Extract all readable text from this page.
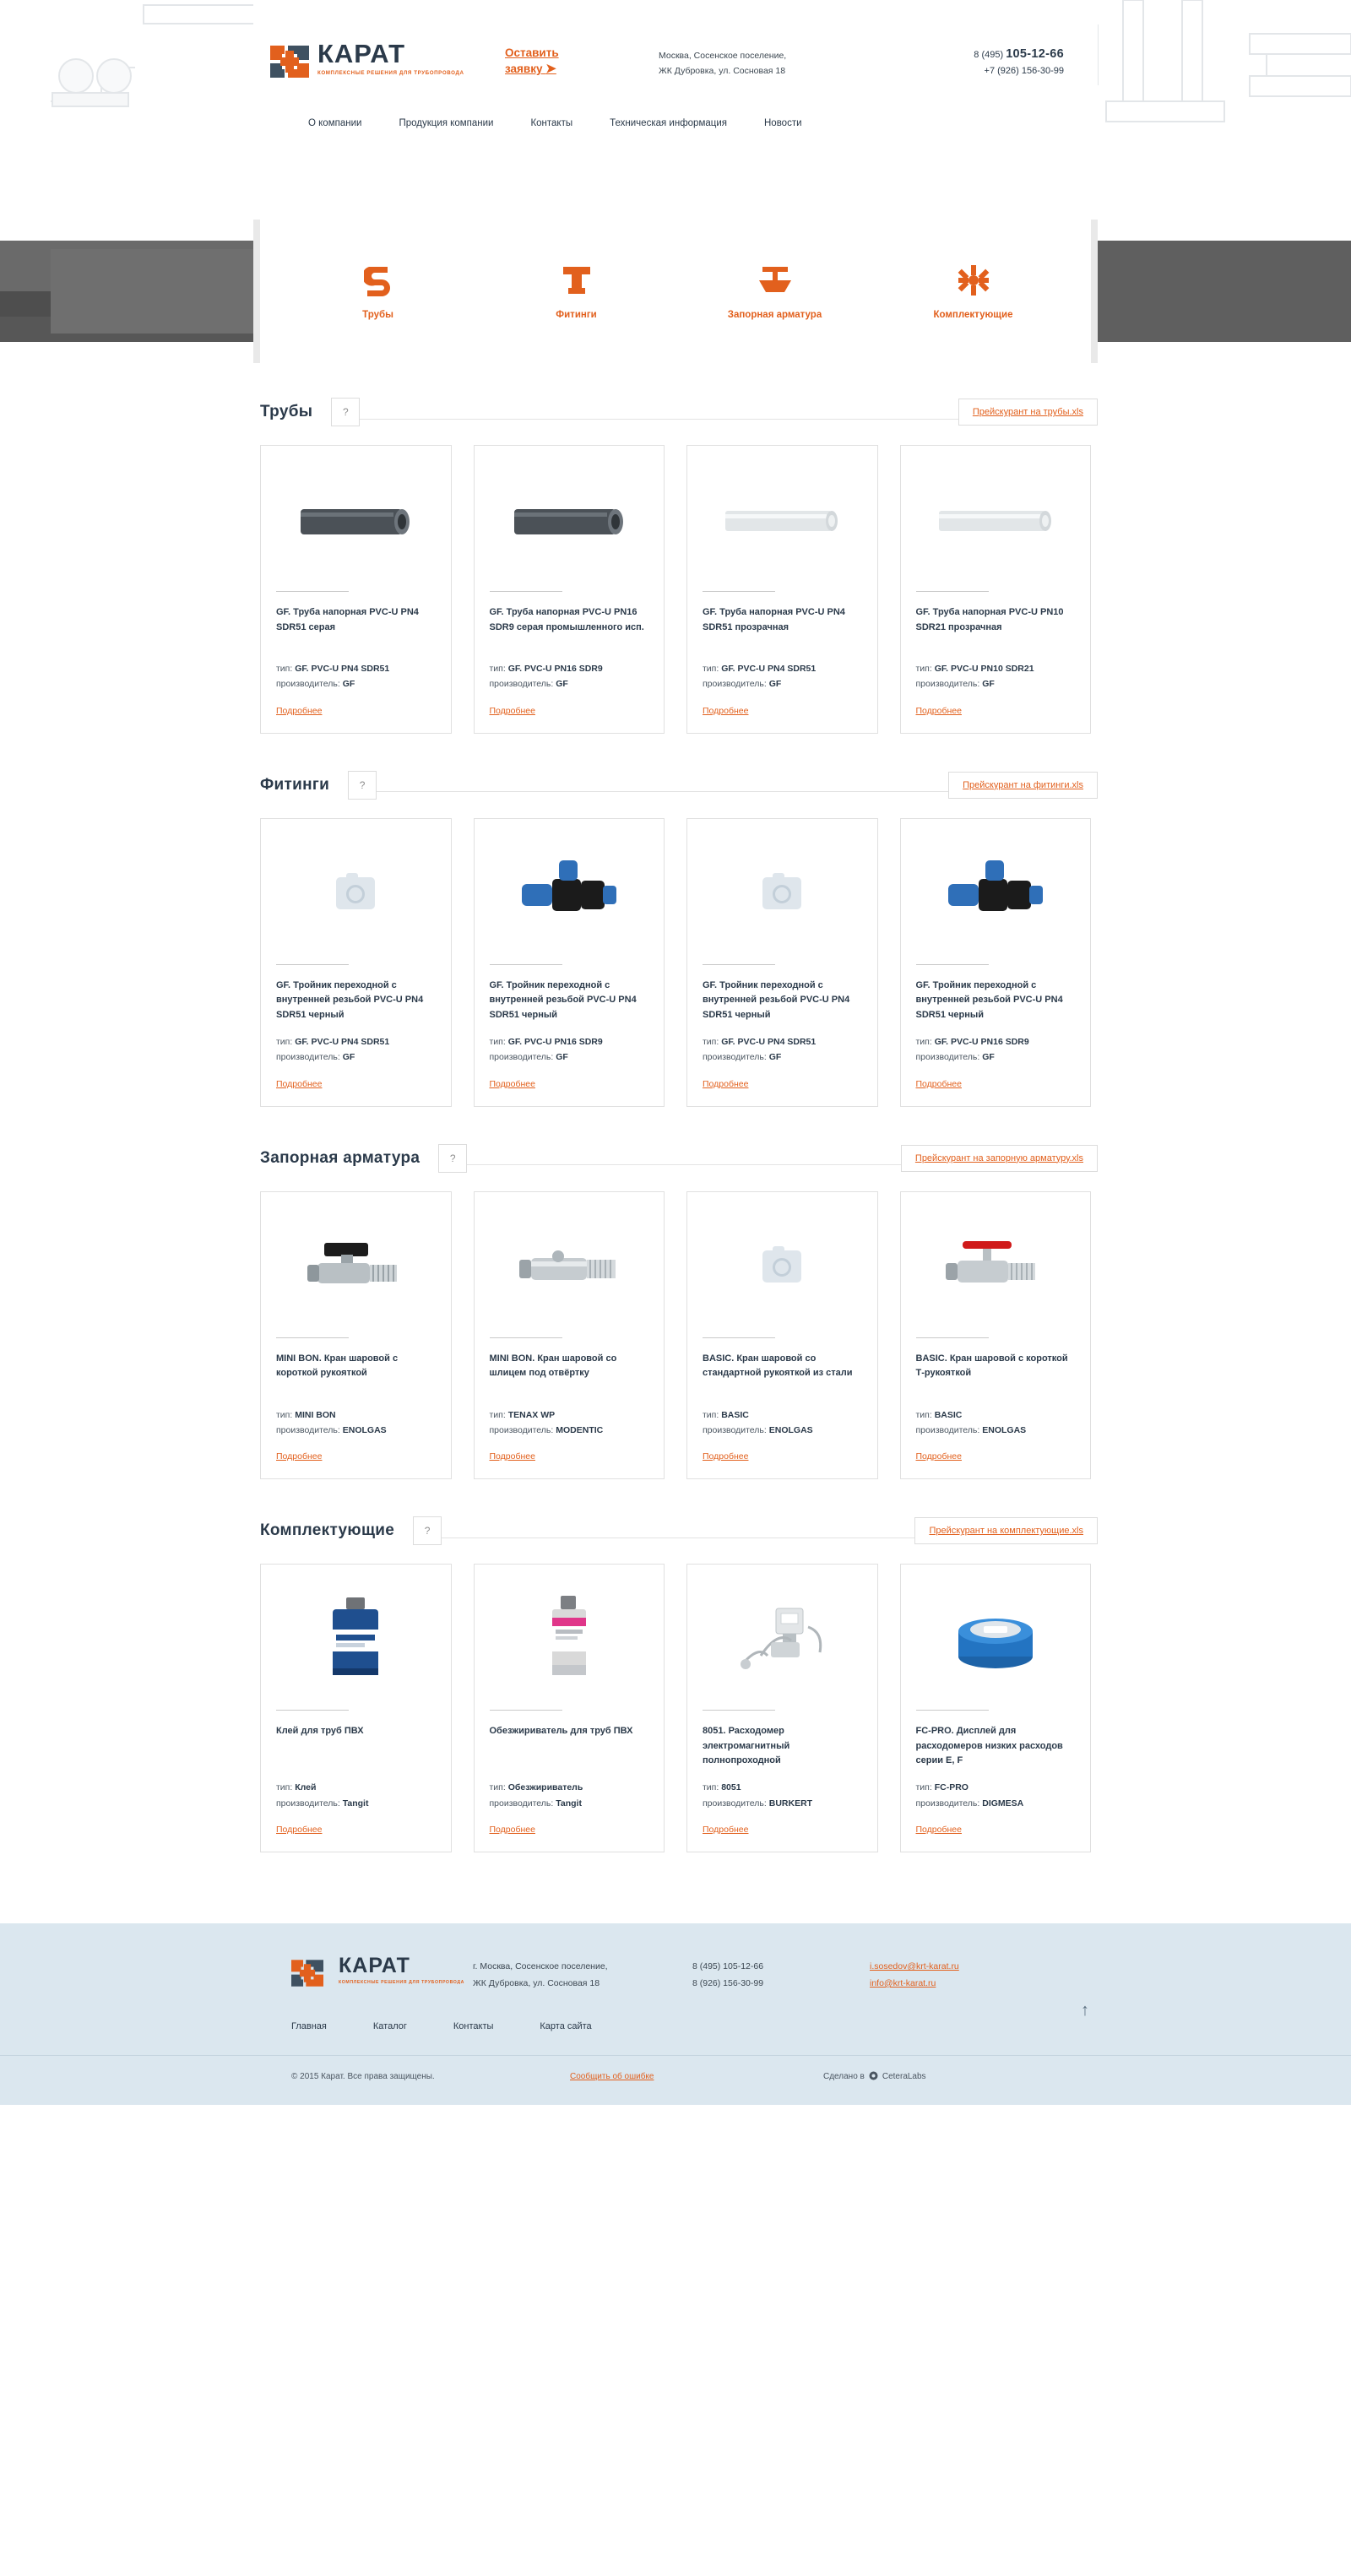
КАРАТ
КОМПЛЕКСНЫЕ РЕШЕНИЯ ДЛЯ ТРУБОПРОВОДА
Оставить
заявку ➤
Москва, Сосенское поселение,
ЖК Дубровка, ул. Сосновая 18
8 (495) 105-12-66
+7 (926) 156-30-99
О компании	Продукция компании	Контакты	Техническая информация	Новости
Трубы	Фитинги	Запорная арматура	Комплектующие
Трубы	?	Прейскурант на трубы.xls
GF. Труба напорная PVC-U PN4 SDR51 серая
тип: GF. PVC-U PN4 SDR51
производитель: GF
Подробнее
GF. Труба напорная PVC-U PN16 SDR9 серая промышленного исп.
тип: GF. PVC-U PN16 SDR9
производитель: GF
Подробнее
GF. Труба напорная PVC-U PN4 SDR51 прозрачная
тип: GF. PVC-U PN4 SDR51
производитель: GF
Подробнее
GF. Труба напорная PVC-U PN10 SDR21 прозрачная
тип: GF. PVC-U PN10 SDR21
производитель: GF
Подробнее
Фитинги	?	Прейскурант на фитинги.xls
GF. Тройник переходной с внутренней резьбой PVC-U PN4 SDR51 черный
тип: GF. PVC-U PN4 SDR51
производитель: GF
Подробнее
GF. Тройник переходной с внутренней резьбой PVC-U PN4 SDR51 черный
тип: GF. PVC-U PN16 SDR9
производитель: GF
Подробнее
GF. Тройник переходной с внутренней резьбой PVC-U PN4 SDR51 черный
тип: GF. PVC-U PN4 SDR51
производитель: GF
Подробнее
GF. Тройник переходной с внутренней резьбой PVC-U PN4 SDR51 черный
тип: GF. PVC-U PN16 SDR9
производитель: GF
Подробнее
Запорная арматура	?	Прейскурант на запорную арматуру.xls
MINI BON. Кран шаровой с короткой рукояткой
тип: MINI BON
производитель: ENOLGAS
Подробнее
MINI BON. Кран шаровой со шлицем под отвёртку
тип: TENAX WP
производитель: MODENTIC
Подробнее
BASIC. Кран шаровой со стандартной рукояткой из стали
тип: BASIC
производитель: ENOLGAS
Подробнее
BASIC. Кран шаровой с короткой Т-рукояткой
тип: BASIC
производитель: ENOLGAS
Подробнее
Комплектующие	?	Прейскурант на комплектующие.xls
Клей для труб ПВХ
тип: Клей
производитель: Tangit
Подробнее
Обезжириватель для труб ПВХ
тип: Обезжириватель
производитель: Tangit
Подробнее
8051. Расходомер электромагнитный полнопроходной
тип: 8051
производитель: BURKERT
Подробнее
FC-PRO. Дисплей для расходомеров низких расходов серии E, F
тип: FC-PRO
производитель: DIGMESA
Подробнее
↑
КАРАТ
КОМПЛЕКСНЫЕ РЕШЕНИЯ ДЛЯ ТРУБОПРОВОДА
г. Москва, Сосенское поселение,
ЖК Дубровка, ул. Сосновая 18
8 (495) 105-12-66
8 (926) 156-30-99
i.sosedov@krt-karat.ru
info@krt-karat.ru
Главная	Каталог	Контакты	Карта сайта
© 2015 Карат. Все права защищены.	Сообщить об ошибке	Сделано в CeteraLabs
